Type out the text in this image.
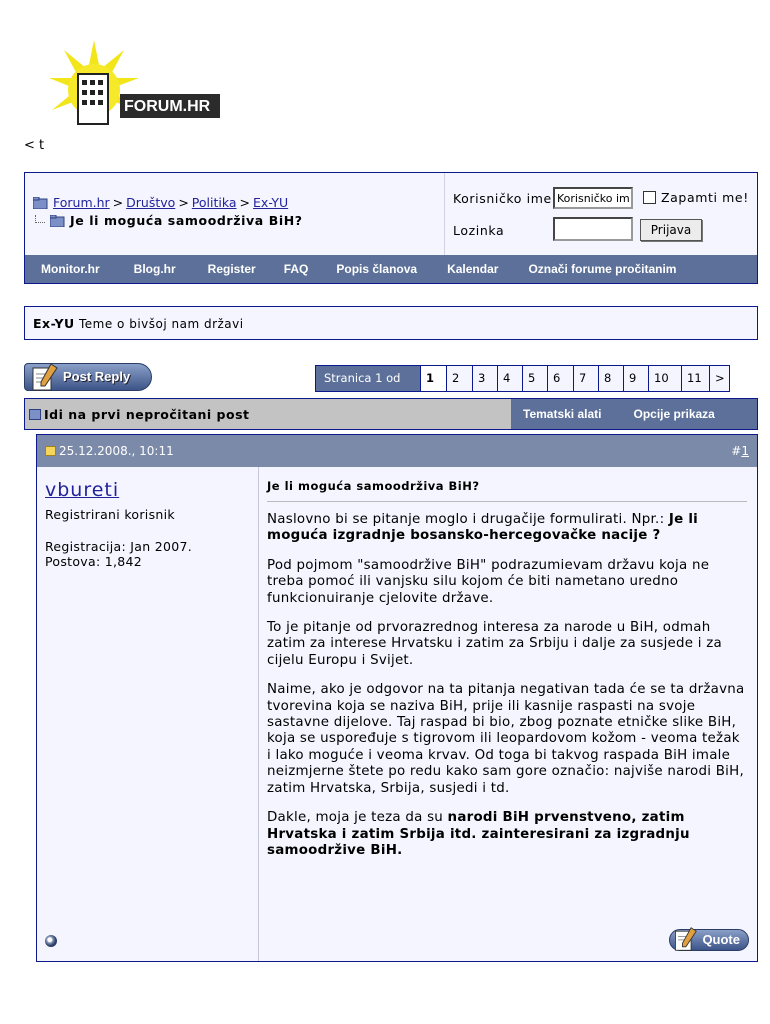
FORUM.HR
< t
Forum.hr > Društvo > Politika > Ex-YU
Je li moguća samoodrživa BiH?
Korisničko ime
Korisničko ime	Zapamti me!
Lozinka	Prijava
Monitor.hr	Blog.hr	Register FAQ Popis članova	Kalendar	Označi forume pročitanim
Ex-YU Teme o bivšoj nam državi
Post Reply	Stranica 1 od	1	2	3	4	5	6	7	8	9	10	11	>
Idi na prvi nepročitani post	Tematski alati	Opcije prikaza
25.12.2008., 10:11	#1
vbureti
Registrirani korisnik
Registracija: Jan 2007.
Postova: 1,842
Je li moguća samoodrživa BiH?

Naslovno bi se pitanje moglo i drugačije formulirati. Npr.: Je li moguća izgradnje bosansko-hercegovačke nacije ?

Pod pojmom "samoodržive BiH" podrazumievam državu koja ne treba pomoć ili vanjsku silu kojom će biti nametano uredno funkcionuiranje cjelovite države.

To je pitanje od prvorazrednog interesa za narode u BiH, odmah zatim za interese Hrvatsku i zatim za Srbiju i dalje za susjede i za cijelu Europu i Svijet.

Naime, ako je odgovor na ta pitanja negativan tada će se ta državna tvorevina koja se naziva BiH, prije ili kasnije raspasti na svoje sastavne dijelove. Taj raspad bi bio, zbog poznate etničke slike BiH, koja se uspoređuje s tigrovom ili leopardovom kožom - veoma težak i lako moguće i veoma krvav. Od toga bi takvog raspada BiH imale neizmjerne štete po redu kako sam gore označio: najviše narodi BiH, zatim Hrvatska, Srbija, susjedi i td.

Dakle, moja je teza da su narodi BiH prvenstveno, zatim Hrvatska i zatim Srbija itd. zainteresirani za izgradnju samoodržive BiH.

Quote
